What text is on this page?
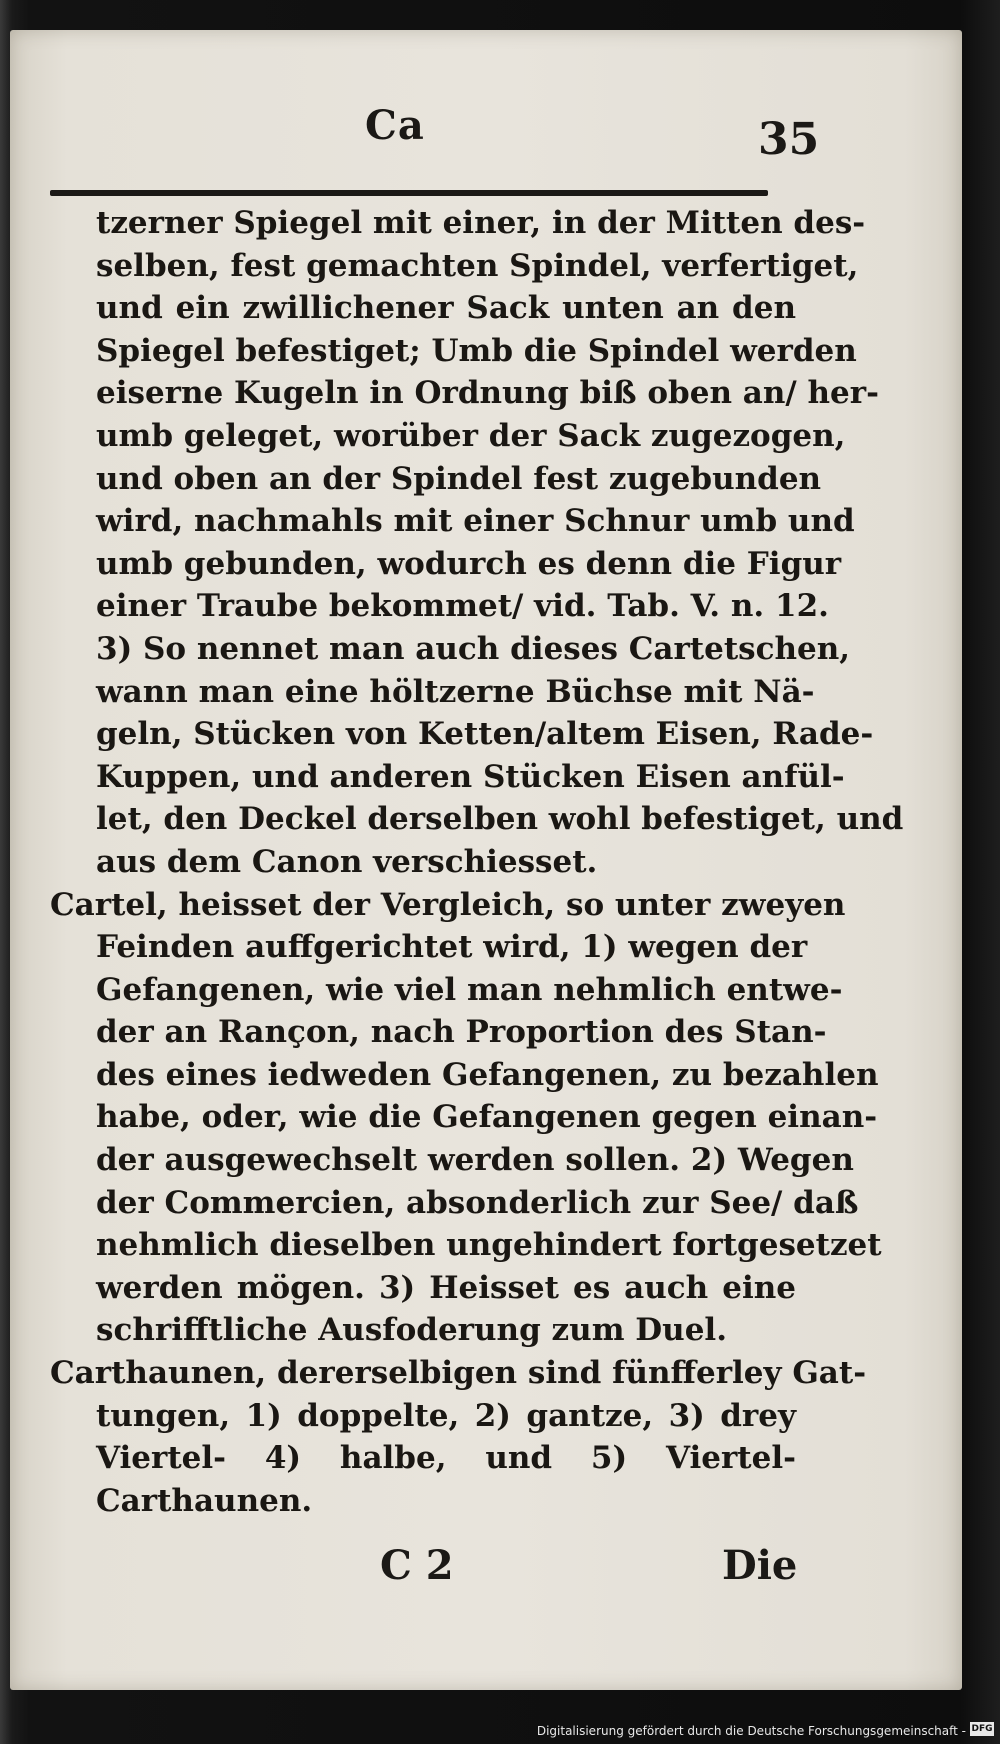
Ca	35
tzerner Spiegel mit einer, in der Mitten des-
selben, fest gemachten Spindel, verfertiget,
und ein zwillichener Sack unten an den
Spiegel befestiget; Umb die Spindel werden
eiserne Kugeln in Ordnung biß oben an/ her-
umb geleget, worüber der Sack zugezogen,
und oben an der Spindel fest zugebunden
wird, nachmahls mit einer Schnur umb und
umb gebunden, wodurch es denn die Figur
einer Traube bekommet/ vid. Tab. V. n. 12.
3) So nennet man auch dieses Cartetschen,
wann man eine höltzerne Büchse mit Nä-
geln, Stücken von Ketten/altem Eisen, Rade-
Kuppen, und anderen Stücken Eisen anfül-
let, den Deckel derselben wohl befestiget, und
aus dem Canon verschiesset.
Cartel, heisset der Vergleich, so unter zweyen
Feinden auffgerichtet wird, 1) wegen der
Gefangenen, wie viel man nehmlich entwe-
der an Rançon, nach Proportion des Stan-
des eines iedweden Gefangenen, zu bezahlen
habe, oder, wie die Gefangenen gegen einan-
der ausgewechselt werden sollen. 2) Wegen
der Commercien, absonderlich zur See/ daß
nehmlich dieselben ungehindert fortgesetzet
werden mögen. 3) Heisset es auch eine
schrifftliche Ausfoderung zum Duel.
Carthaunen, dererselbigen sind fünfferley Gat-
tungen, 1) doppelte, 2) gantze, 3) drey
Viertel- 4) halbe, und 5) Viertel-
Carthaunen.
C 2	Die
Digitalisierung gefördert durch die Deutsche Forschungsgemeinschaft - DFG
